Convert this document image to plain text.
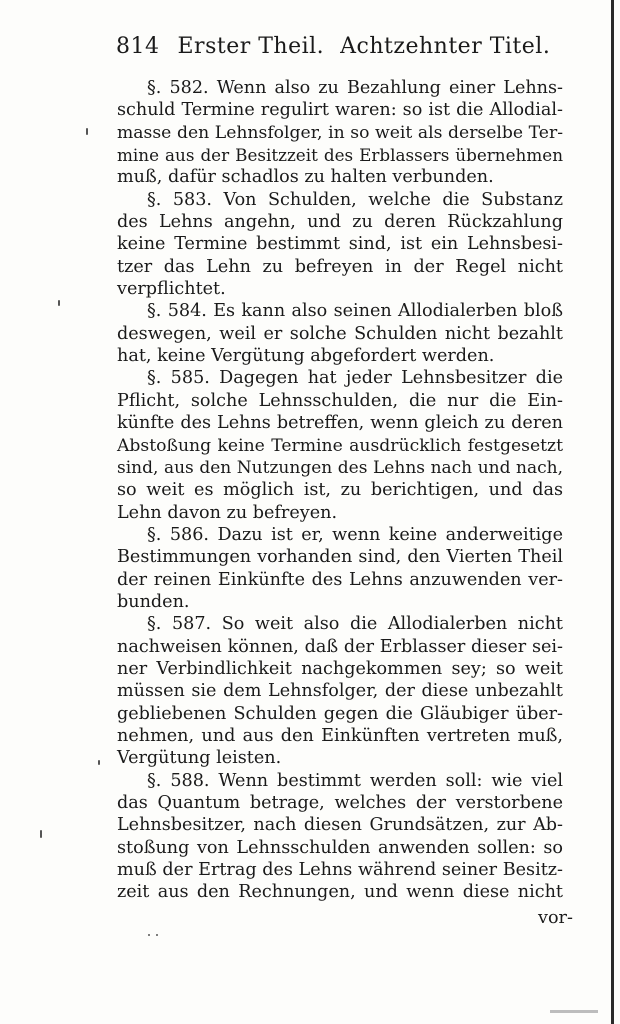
814 Erster Theil. Achtzehnter Titel.
§. 582. Wenn also zu Bezahlung einer Lehns-
schuld Termine regulirt waren: so ist die Allodial-
masse den Lehnsfolger, in so weit als derselbe Ter-
mine aus der Besitzzeit des Erblassers übernehmen
muß, dafür schadlos zu halten verbunden.
§. 583. Von Schulden, welche die Substanz
des Lehns angehn, und zu deren Rückzahlung
keine Termine bestimmt sind, ist ein Lehnsbesi-
tzer das Lehn zu befreyen in der Regel nicht
verpflichtet.
§. 584. Es kann also seinen Allodialerben bloß
deswegen, weil er solche Schulden nicht bezahlt
hat, keine Vergütung abgefordert werden.
§. 585. Dagegen hat jeder Lehnsbesitzer die
Pflicht, solche Lehnsschulden, die nur die Ein-
künfte des Lehns betreffen, wenn gleich zu deren
Abstoßung keine Termine ausdrücklich festgesetzt
sind, aus den Nutzungen des Lehns nach und nach,
so weit es möglich ist, zu berichtigen, und das
Lehn davon zu befreyen.
§. 586. Dazu ist er, wenn keine anderweitige
Bestimmungen vorhanden sind, den Vierten Theil
der reinen Einkünfte des Lehns anzuwenden ver-
bunden.
§. 587. So weit also die Allodialerben nicht
nachweisen können, daß der Erblasser dieser sei-
ner Verbindlichkeit nachgekommen sey; so weit
müssen sie dem Lehnsfolger, der diese unbezahlt
gebliebenen Schulden gegen die Gläubiger über-
nehmen, und aus den Einkünften vertreten muß,
Vergütung leisten.
§. 588. Wenn bestimmt werden soll: wie viel
das Quantum betrage, welches der verstorbene
Lehnsbesitzer, nach diesen Grundsätzen, zur Ab-
stoßung von Lehnsschulden anwenden sollen: so
muß der Ertrag des Lehns während seiner Besitz-
zeit aus den Rechnungen, und wenn diese nicht
vor-
